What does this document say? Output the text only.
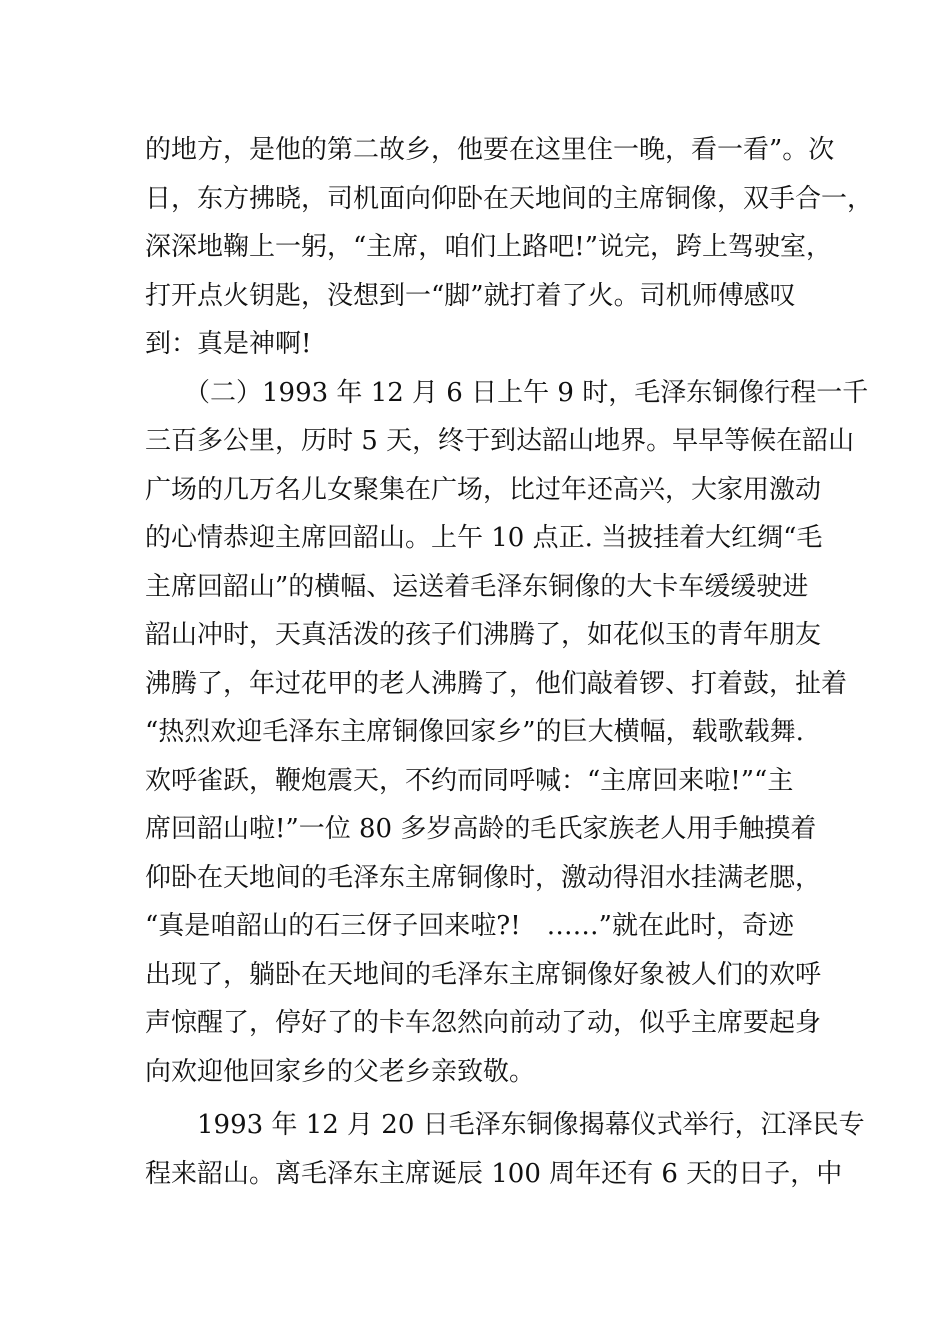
的地方，是他的第二故乡，他要在这里住一晚，看一看”。次
日，东方拂晓，司机面向仰卧在天地间的主席铜像，双手合一，
深深地鞠上一躬，“主席，咱们上路吧!”说完，跨上驾驶室，
打开点火钥匙，没想到一“脚”就打着了火。司机师傅感叹
到：真是神啊!
　　（二）1993 年 12 月 6 日上午 9 时，毛泽东铜像行程一千
三百多公里，历时 5 天，终于到达韶山地界。早早等候在韶山
广场的几万名儿女聚集在广场，比过年还高兴，大家用激动
的心情恭迎主席回韶山。上午 10 点正. 当披挂着大红绸“毛
主席回韶山”的横幅、运送着毛泽东铜像的大卡车缓缓驶进
韶山冲时，天真活泼的孩子们沸腾了，如花似玉的青年朋友
沸腾了，年过花甲的老人沸腾了，他们敲着锣、打着鼓，扯着
“热烈欢迎毛泽东主席铜像回家乡”的巨大横幅，载歌载舞.
欢呼雀跃，鞭炮震天，不约而同呼喊：“主席回来啦!”“主
席回韶山啦!”一位 80 多岁高龄的毛氏家族老人用手触摸着
仰卧在天地间的毛泽东主席铜像时，激动得泪水挂满老腮，
“真是咱韶山的石三伢子回来啦?!　……”就在此时，奇迹
出现了，躺卧在天地间的毛泽东主席铜像好象被人们的欢呼
声惊醒了，停好了的卡车忽然向前动了动，似乎主席要起身
向欢迎他回家乡的父老乡亲致敬。
　　1993 年 12 月 20 日毛泽东铜像揭幕仪式举行，江泽民专
程来韶山。离毛泽东主席诞辰 100 周年还有 6 天的日子，中
